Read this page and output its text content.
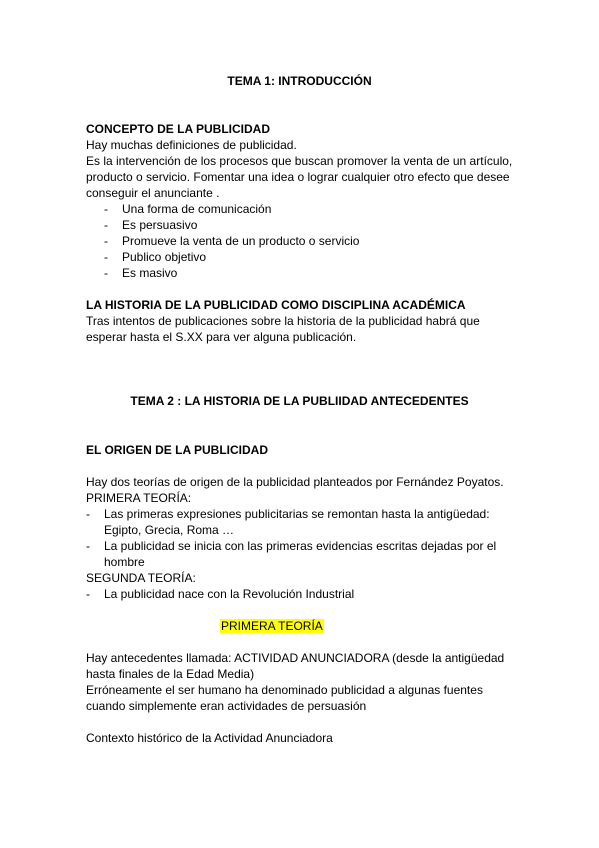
TEMA 1: INTRODUCCIÓN
CONCEPTO DE LA PUBLICIDAD
Hay muchas definiciones de publicidad.
Es la intervención de los procesos que buscan promover la venta de un artículo,
producto o servicio. Fomentar una idea o lograr cualquier otro efecto que desee
conseguir el anunciante .
- Una forma de comunicación
- Es persuasivo
- Promueve la venta de un producto o servicio
- Publico objetivo
- Es masivo
LA HISTORIA DE LA PUBLICIDAD COMO DISCIPLINA ACADÉMICA
Tras intentos de publicaciones sobre la historia de la publicidad habrá que
esperar hasta el S.XX para ver alguna publicación.
TEMA 2 : LA HISTORIA DE LA PUBLIIDAD ANTECEDENTES
EL ORIGEN DE LA PUBLICIDAD
Hay dos teorías de origen de la publicidad planteados por Fernández Poyatos.
PRIMERA TEORÍA:
- Las primeras expresiones publicitarias se remontan hasta la antigüedad:
Egipto, Grecia, Roma …
- La publicidad se inicia con las primeras evidencias escritas dejadas por el
hombre
SEGUNDA TEORÍA:
- La publicidad nace con la Revolución Industrial
PRIMERA TEORÍA
Hay antecedentes llamada: ACTIVIDAD ANUNCIADORA (desde la antigüedad
hasta finales de la Edad Media)
Erróneamente el ser humano ha denominado publicidad a algunas fuentes
cuando simplemente eran actividades de persuasión
Contexto histórico de la Actividad Anunciadora
